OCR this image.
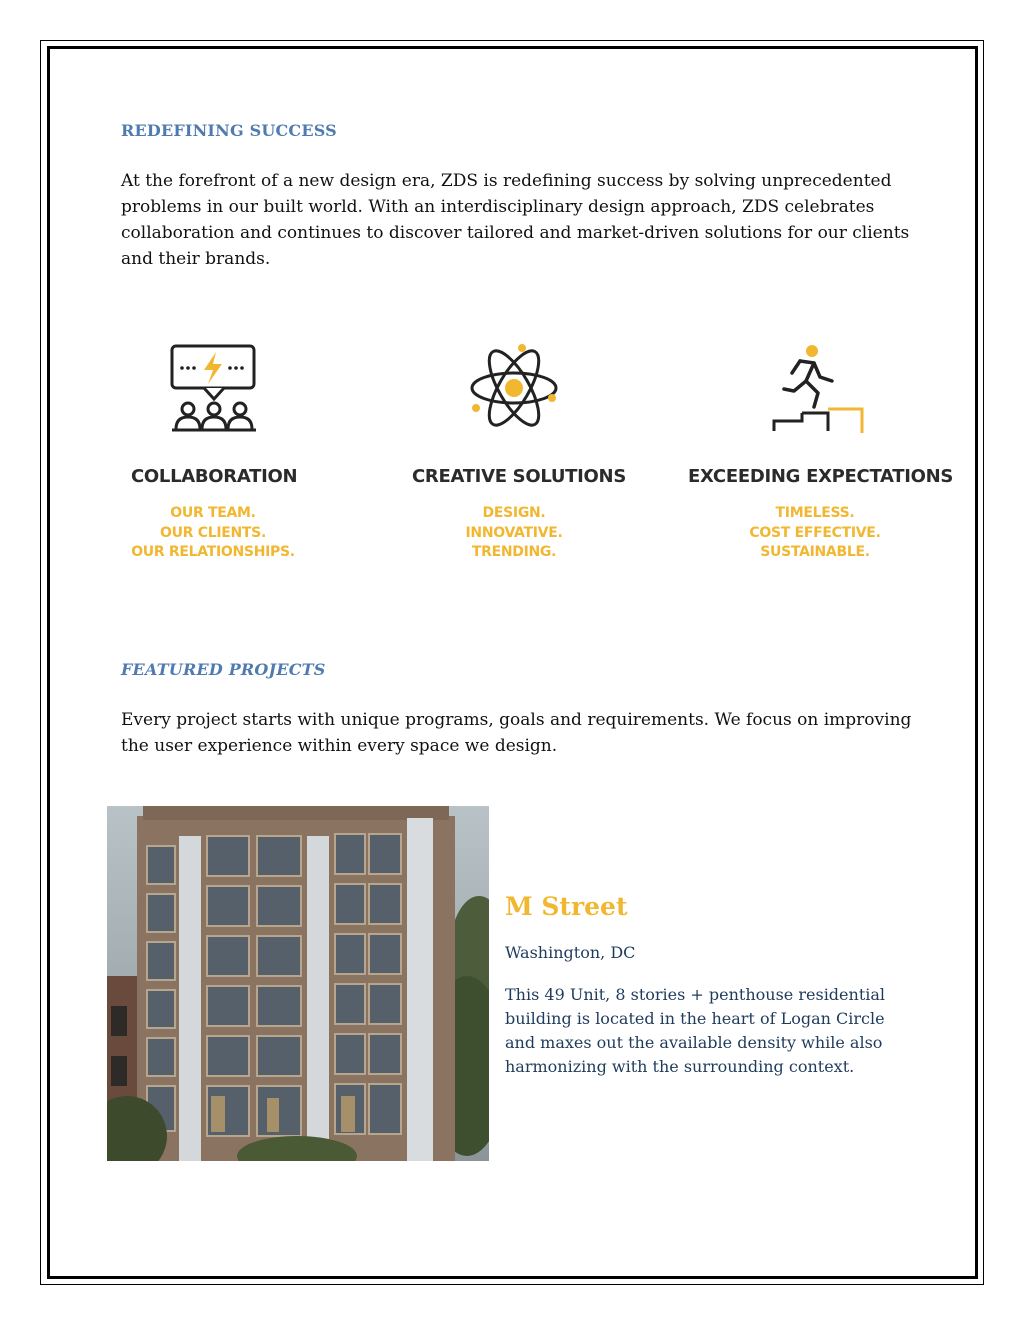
REDEFINING SUCCESS
At the forefront of a new design era, ZDS is redefining success by solving unprecedented problems in our built world. With an interdisciplinary design approach, ZDS celebrates collaboration and continues to discover tailored and market-driven solutions for our clients and their brands.
COLLABORATION
OUR TEAM.
OUR CLIENTS.
OUR RELATIONSHIPS.
CREATIVE SOLUTIONS
DESIGN.
INNOVATIVE.
TRENDING.
EXCEEDING EXPECTATIONS
TIMELESS.
COST EFFECTIVE.
SUSTAINABLE.
FEATURED PROJECTS
Every project starts with unique programs, goals and requirements. We focus on improving the user experience within every space we design.
M Street
Washington, DC
This 49 Unit, 8 stories + penthouse residential building is located in the heart of Logan Circle and maxes out the available density while also harmonizing with the surrounding context.
